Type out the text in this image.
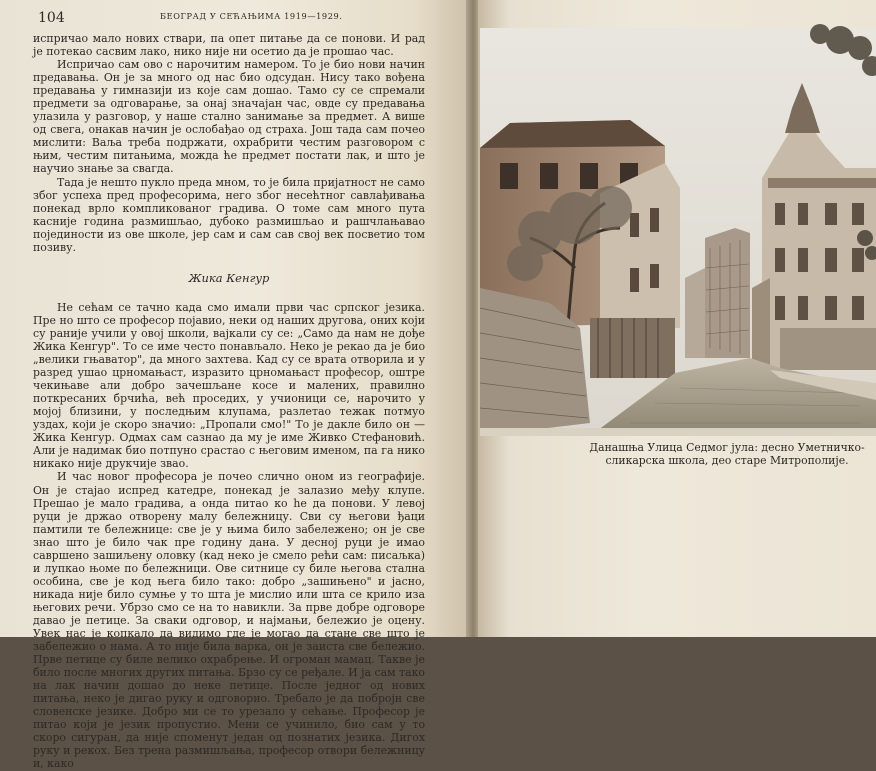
104	БЕОГРАД У СЕЋАЊИМА 1919—1929.

испричао мало нових ствари, па опет питање да се понови. И рад је потекао сасвим лако, нико није ни осетио да је прошао час.

Испричао сам ово с нарочитим намером. То је био нови начин предавања. Он је за много од нас био одсудан. Нису тако вођена предавања у гимназији из које сам дошао. Тамо су се спремали предмети за одговарање, за онај значајан час, овде су предавања улазила у разговор, у наше стално занимање за предмет. А више од свега, онакав начин је ослобађао од страха. Још тада сам почео мислити: Ваља треба подржати, охрабрити честим разговором с њим, честим питањима, можда ће предмет постати лак, и што је научио знање за свагда.

Тада је нешто пукло преда мном, то је била пријатност не само због успеха пред професорима, него због несећтног савлађивања понекад врло компликованог градива. О томе сам много пута касније година размишљао, дубоко размишљао и рашчлањавао појединости из ове школе, јер сам и сам сав свој век посветио том позиву.

Жика Кенгур

Не сећам се тачно када смо имали први час српског језика. Пре но што се професор појавио, неки од наших другова, оних који су раније учили у овој школи, вајкали су се: „Само да нам не дође Жика Кенгур". То се име често понављало. Неко је рекао да је био „велики гњаватор", да много захтева. Кад су се врата отворила и у разред ушао црномањаст, изразито црномањаст професор, оштре чекињаве али добро зачешљане косе и малених, правилно поткресаних брчића, већ проседих, у учионици се, нарочито у мојој близини, у последњим клупама, разлетао тежак потмуо уздах, који је скоро значио: „Пропали смо!" То је дакле било он — Жика Кенгур. Одмах сам сазнао да му је име Живко Стефановић. Али је надимак био потпуно срастао с његовим именом, па га нико никако није друкчије звао.

И час новог професора је почео слично оном из географије. Он је стајао испред катедре, понекад је залазио међу клупе. Прешао је мало градива, а онда питао ко hе да понови. У левој руци је држао отворену малу бележницу. Сви су његови ђаци памтили те бележнице: све је у њима било забележено; он је све знао што је било чак пре годину дана. У десној руци је имао савршено зашиљену оловку (кад неко је смело рећи сам: писаљка) и лупкао њоме по бележници. Ове ситнице су биле његова стална особина, све је код њега било тако: добро „зашињено" и јасно, никада није било сумње у то шта је мислио или шта се крило иза његових речи. Убрзо смо се на то навикли. За прве добре одговоре давао је петице. За сваки одговор, и најмањи, бележио је оцену. Увек нас је копкало да видимо где је могао да стане све што је забележио о нама. А то није била варка, он је заиста све бележио. Прве петице су биле велико охрабрење. И огроман мамац. Такве је било после многих других питања. Брзо су се ређале. И ја сам тако на лак начин дошао до неке петице. После једног од нових питања, неко је дигао руку и одговорио. Требало је да побројн све словенске језике. Добро ми се то урезало у сећање. Професор је питао који је језик пропустио. Мени се учинило, био сам у то скоро сигуран, да није споменут један од познатих језика. Дигох руку и рекох. Без трена размишљања, професор отвори бележницу и, како

Данашња Улица Седмог јула: десно Уметничко-сликарска школа, део старе Митрополије.
